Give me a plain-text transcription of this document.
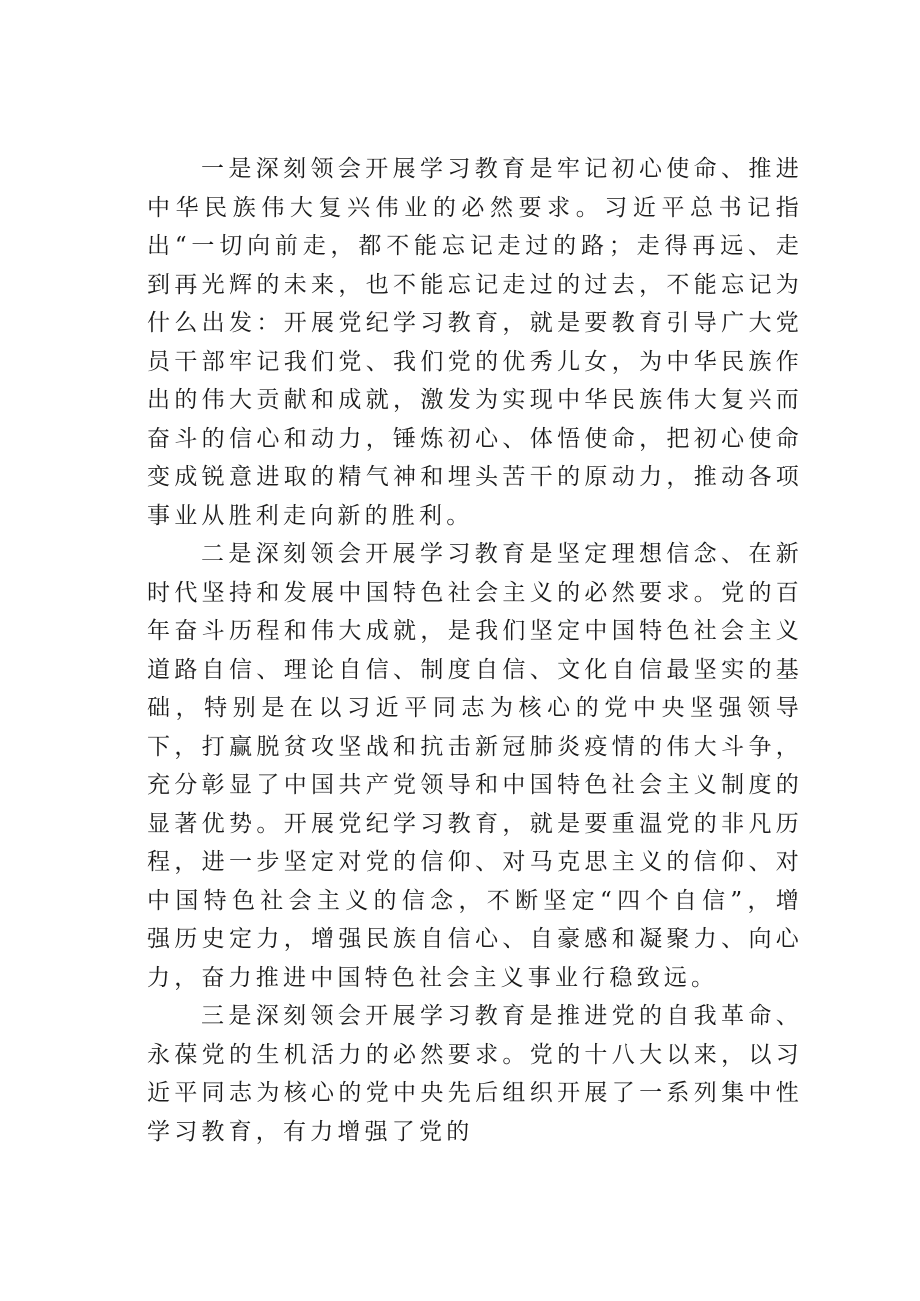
一是深刻领会开展学习教育是牢记初心使命、推进中华民族伟大复兴伟业的必然要求。习近平总书记指出“一切向前走，都不能忘记走过的路；走得再远、走到再光辉的未来，也不能忘记走过的过去，不能忘记为什么出发：开展党纪学习教育，就是要教育引导广大党员干部牢记我们党、我们党的优秀儿女，为中华民族作出的伟大贡献和成就，激发为实现中华民族伟大复兴而奋斗的信心和动力，锤炼初心、体悟使命，把初心使命变成锐意进取的精气神和埋头苦干的原动力，推动各项事业从胜利走向新的胜利。

二是深刻领会开展学习教育是坚定理想信念、在新时代坚持和发展中国特色社会主义的必然要求。党的百年奋斗历程和伟大成就，是我们坚定中国特色社会主义道路自信、理论自信、制度自信、文化自信最坚实的基础，特别是在以习近平同志为核心的党中央坚强领导下，打赢脱贫攻坚战和抗击新冠肺炎疫情的伟大斗争，充分彰显了中国共产党领导和中国特色社会主义制度的显著优势。开展党纪学习教育，就是要重温党的非凡历程，进一步坚定对党的信仰、对马克思主义的信仰、对中国特色社会主义的信念，不断坚定“四个自信”，增强历史定力，增强民族自信心、自豪感和凝聚力、向心力，奋力推进中国特色社会主义事业行稳致远。

三是深刻领会开展学习教育是推进党的自我革命、永葆党的生机活力的必然要求。党的十八大以来，以习近平同志为核心的党中央先后组织开展了一系列集中性学习教育，有力增强了党的
